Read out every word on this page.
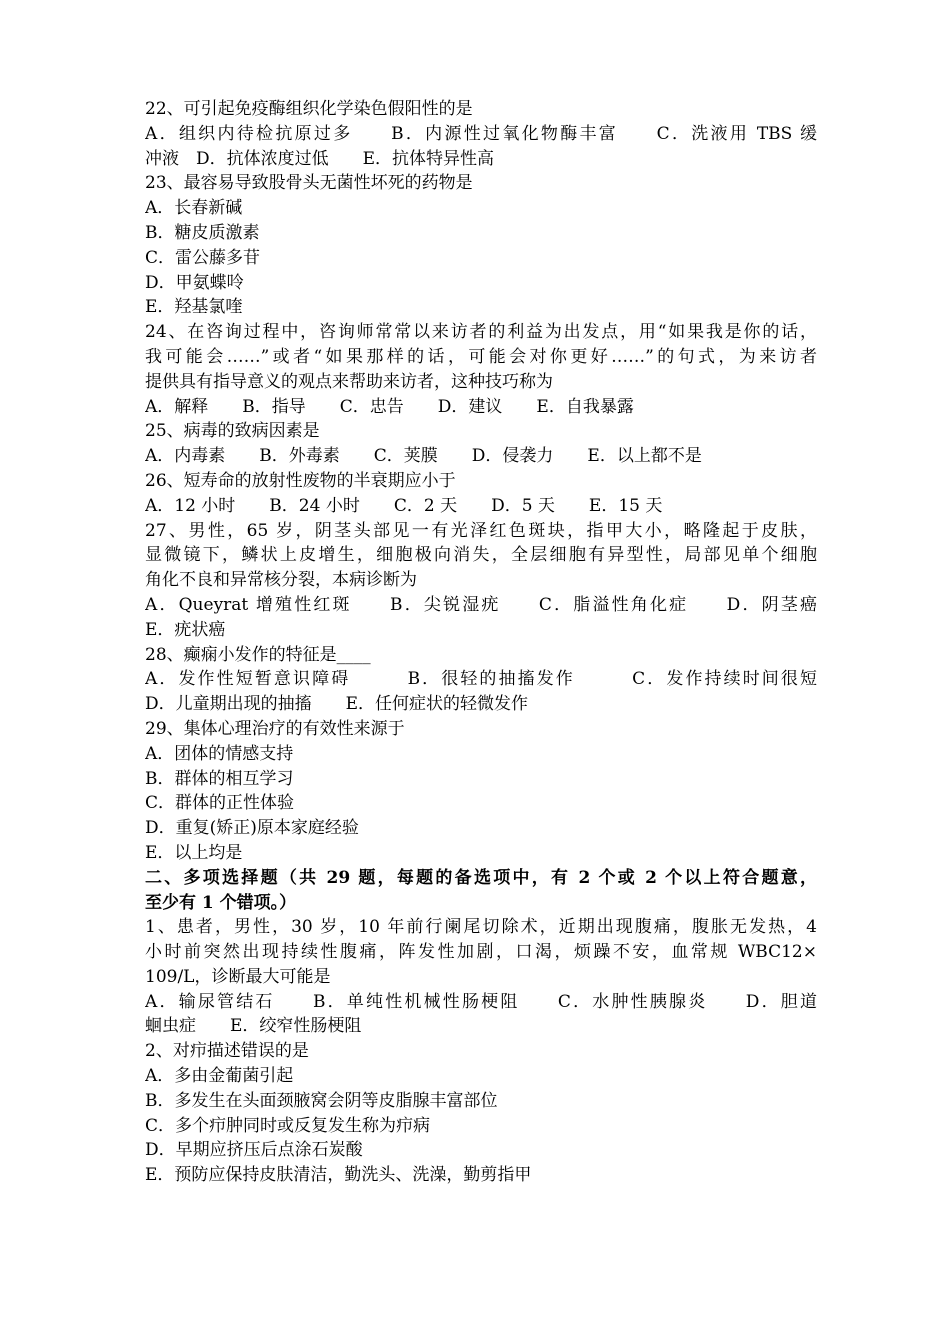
22、可引起免疫酶组织化学染色假阳性的是
A．组织内待检抗原过多　　B．内源性过氧化物酶丰富　　C．洗液用 TBS 缓
冲液　D．抗体浓度过低　　E．抗体特异性高
23、最容易导致股骨头无菌性坏死的药物是
A．长春新碱
B．糖皮质激素
C．雷公藤多苷
D．甲氨蝶呤
E．羟基氯喹
24、在咨询过程中，咨询师常常以来访者的利益为出发点，用“如果我是你的话，
我可能会……”或者“如果那样的话，可能会对你更好……”的句式，为来访者
提供具有指导意义的观点来帮助来访者，这种技巧称为
A．解释　　B．指导　　C．忠告　　D．建议　　E．自我暴露
25、病毒的致病因素是
A．内毒素　　B．外毒素　　C．荚膜　　D．侵袭力　　E．以上都不是
26、短寿命的放射性废物的半衰期应小于
A．12 小时　　B．24 小时　　C．2 天　　D．5 天　　E．15 天
27、男性，65 岁，阴茎头部见一有光泽红色斑块，指甲大小，略隆起于皮肤，
显微镜下，鳞状上皮增生，细胞极向消失，全层细胞有异型性，局部见单个细胞
角化不良和异常核分裂，本病诊断为
A．Queyrat 增殖性红斑　　B．尖锐湿疣　　C．脂溢性角化症　　D．阴茎癌
E．疣状癌
28、癫痫小发作的特征是____
A．发作性短暂意识障碍　　　B．很轻的抽搐发作　　　C．发作持续时间很短
D．儿童期出现的抽搐　　E．任何症状的轻微发作
29、集体心理治疗的有效性来源于
A．团体的情感支持
B．群体的相互学习
C．群体的正性体验
D．重复(矫正)原本家庭经验
E．以上均是
二、多项选择题（共 29 题，每题的备选项中，有 2 个或 2 个以上符合题意，
至少有 1 个错项。）
1、患者，男性，30 岁，10 年前行阑尾切除术，近期出现腹痛，腹胀无发热，4
小时前突然出现持续性腹痛，阵发性加剧，口渴，烦躁不安，血常规 WBC12×
109/L，诊断最大可能是
A．输尿管结石　　B．单纯性机械性肠梗阻　　C．水肿性胰腺炎　　D．胆道
蛔虫症　　E．绞窄性肠梗阻
2、对疖描述错误的是
A．多由金葡菌引起
B．多发生在头面颈腋窝会阴等皮脂腺丰富部位
C．多个疖肿同时或反复发生称为疖病
D．早期应挤压后点涂石炭酸
E．预防应保持皮肤清洁，勤洗头、洗澡，勤剪指甲
